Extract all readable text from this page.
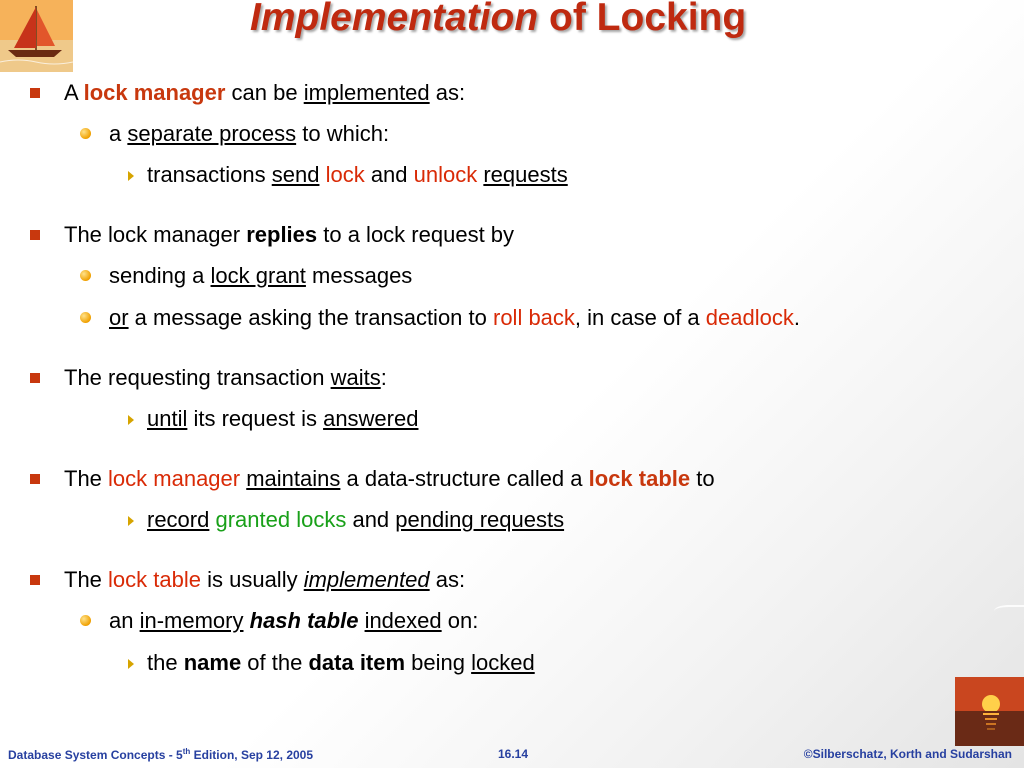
Implementation of Locking
A lock manager can be implemented as:
a separate process to which:
transactions send lock and unlock requests
The lock manager replies to a lock request by
sending a lock grant messages
or a message asking the transaction to roll back, in case of a deadlock.
The requesting transaction waits:
until its request is answered
The lock manager maintains a data-structure called a lock table to
record granted locks and pending requests
The lock table is usually implemented as:
an in-memory hash table indexed on:
the name of the data item being locked
Database System Concepts - 5th Edition, Sep 12, 2005	16.14	©Silberschatz, Korth and Sudarshan
